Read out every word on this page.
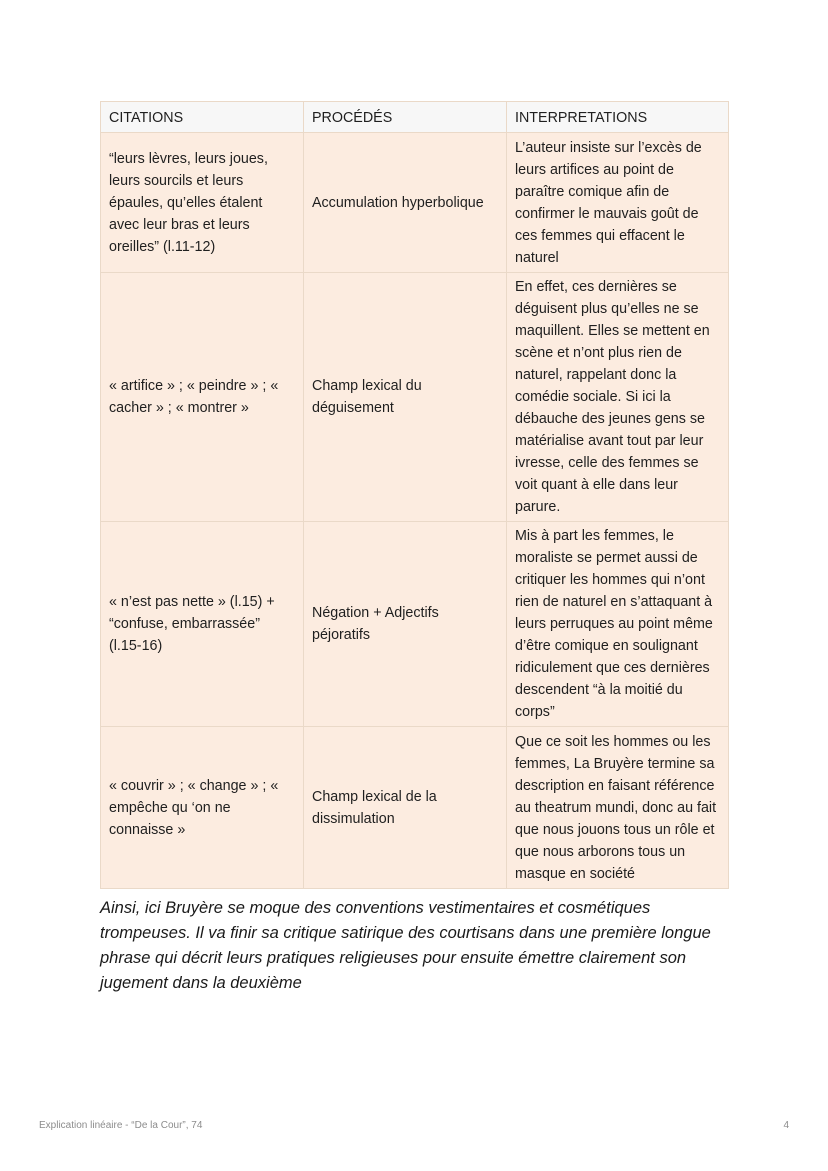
CITATIONS	PROCÉDÉS	INTERPRETATIONS
“leurs lèvres, leurs joues, leurs sourcils et leurs épaules, qu’elles étalent avec leur bras et leurs oreilles” (l.11-12)	Accumulation hyperbolique	L’auteur insiste sur l’excès de leurs artifices au point de paraître comique afin de confirmer le mauvais goût de ces femmes qui effacent le naturel
« artifice » ; « peindre » ; « cacher » ; « montrer »	Champ lexical du déguisement	En effet, ces dernières se déguisent plus qu’elles ne se maquillent. Elles se mettent en scène et n’ont plus rien de naturel, rappelant donc la comédie sociale. Si ici la débauche des jeunes gens se matérialise avant tout par leur ivresse, celle des femmes se voit quant à elle dans leur parure.
« n’est pas nette » (l.15) + “confuse, embarrassée” (l.15-16)	Négation + Adjectifs péjoratifs	Mis à part les femmes, le moraliste se permet aussi de critiquer les hommes qui n’ont rien de naturel en s’attaquant à leurs perruques au point même d’être comique en soulignant ridiculement que ces dernières descendent “à la moitié du corps”
« couvrir » ; « change » ; « empêche qu ‘on ne connaisse »	Champ lexical de la dissimulation	Que ce soit les hommes ou les femmes, La Bruyère termine sa description en faisant référence au theatrum mundi, donc au fait que nous jouons tous un rôle et que nous arborons tous un masque en société

Ainsi, ici Bruyère se moque des conventions vestimentaires et cosmétiques trompeuses. Il va finir sa critique satirique des courtisans dans une première longue phrase qui décrit leurs pratiques religieuses pour ensuite émettre clairement son jugement dans la deuxième

Explication linéaire - “De la Cour”, 74	4
